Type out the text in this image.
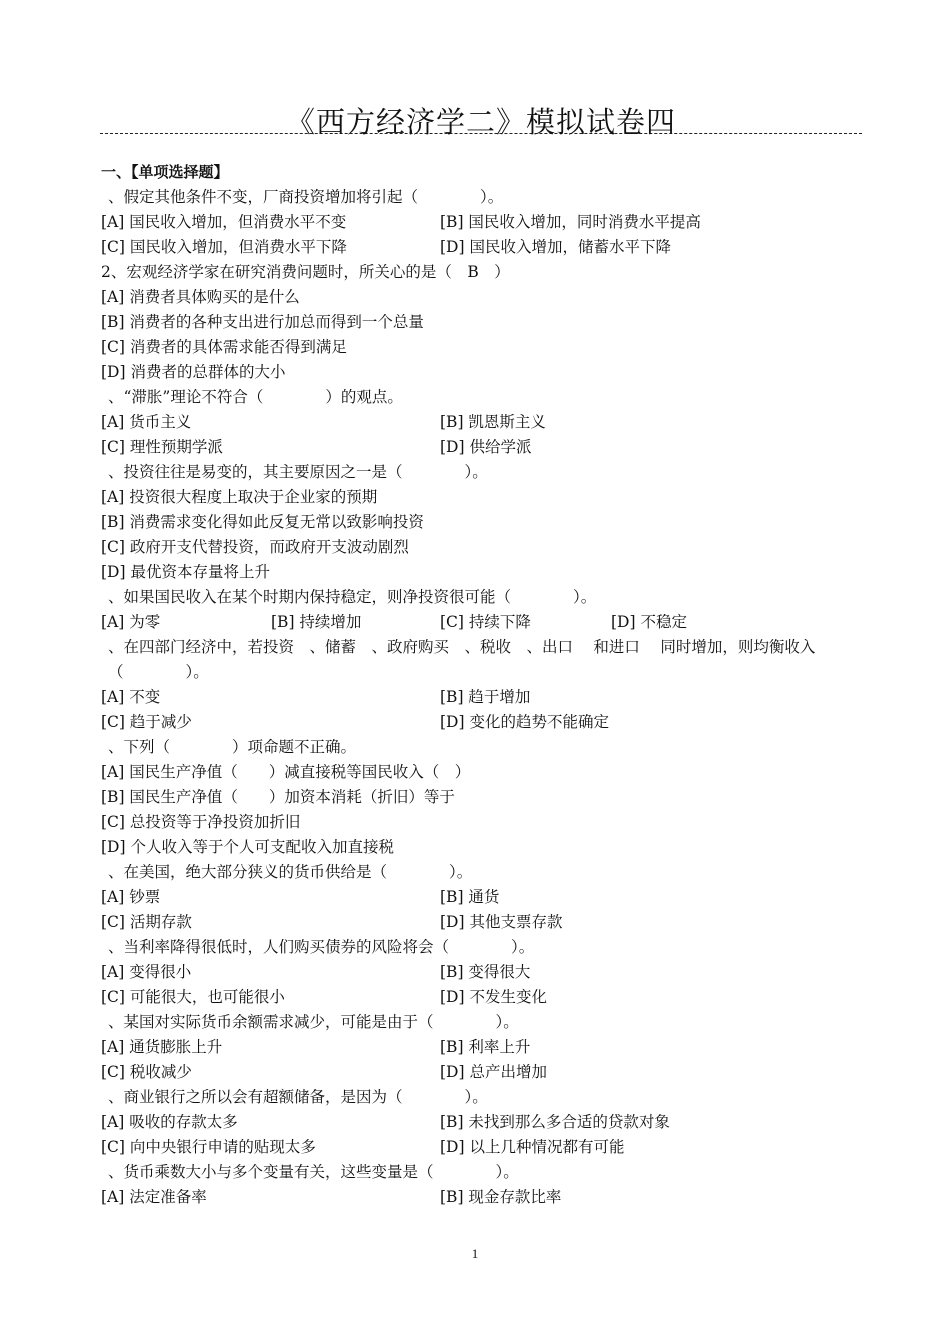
《西方经济学二》模拟试卷四
一、【单项选择题】
、假定其他条件不变，厂商投资增加将引起（　　　　）。
[A] 国民收入增加，但消费水平不变	[B] 国民收入增加，同时消费水平提高
[C] 国民收入增加，但消费水平下降	[D] 国民收入增加，储蓄水平下降
2、宏观经济学家在研究消费问题时，所关心的是（　B　）
[A] 消费者具体购买的是什么
[B] 消费者的各种支出进行加总而得到一个总量
[C] 消费者的具体需求能否得到满足
[D] 消费者的总群体的大小
、“滞胀”理论不符合（　　　　）的观点。
[A] 货币主义	[B] 凯恩斯主义
[C] 理性预期学派	[D] 供给学派
、投资往往是易变的，其主要原因之一是（　　　　）。
[A] 投资很大程度上取决于企业家的预期
[B] 消费需求变化得如此反复无常以致影响投资
[C] 政府开支代替投资，而政府开支波动剧烈
[D] 最优资本存量将上升
、如果国民收入在某个时期内保持稳定，则净投资很可能（　　　　）。
[A] 为零	[B] 持续增加	[C] 持续下降	[D] 不稳定
、在四部门经济中，若投资　、储蓄　、政府购买　、税收　、出口　 和进口　 同时增加，则均衡收入
（　　　　）。
[A] 不变	[B] 趋于增加
[C] 趋于减少	[D] 变化的趋势不能确定
、下列（　　　　）项命题不正确。
[A] 国民生产净值（　　）减直接税等国民收入（　）
[B] 国民生产净值（　　）加资本消耗（折旧）等于
[C] 总投资等于净投资加折旧
[D] 个人收入等于个人可支配收入加直接税
、在美国，绝大部分狭义的货币供给是（　　　　）。
[A] 钞票	[B] 通货
[C] 活期存款	[D] 其他支票存款
、当利率降得很低时，人们购买债券的风险将会（　　　　）。
[A] 变得很小	[B] 变得很大
[C] 可能很大，也可能很小	[D] 不发生变化
、某国对实际货币余额需求减少，可能是由于（　　　　）。
[A] 通货膨胀上升	[B] 利率上升
[C] 税收减少	[D] 总产出增加
、商业银行之所以会有超额储备，是因为（　　　　）。
[A] 吸收的存款太多	[B] 未找到那么多合适的贷款对象
[C] 向中央银行申请的贴现太多	[D] 以上几种情况都有可能
、货币乘数大小与多个变量有关，这些变量是（　　　　）。
[A] 法定准备率	[B] 现金存款比率
1
